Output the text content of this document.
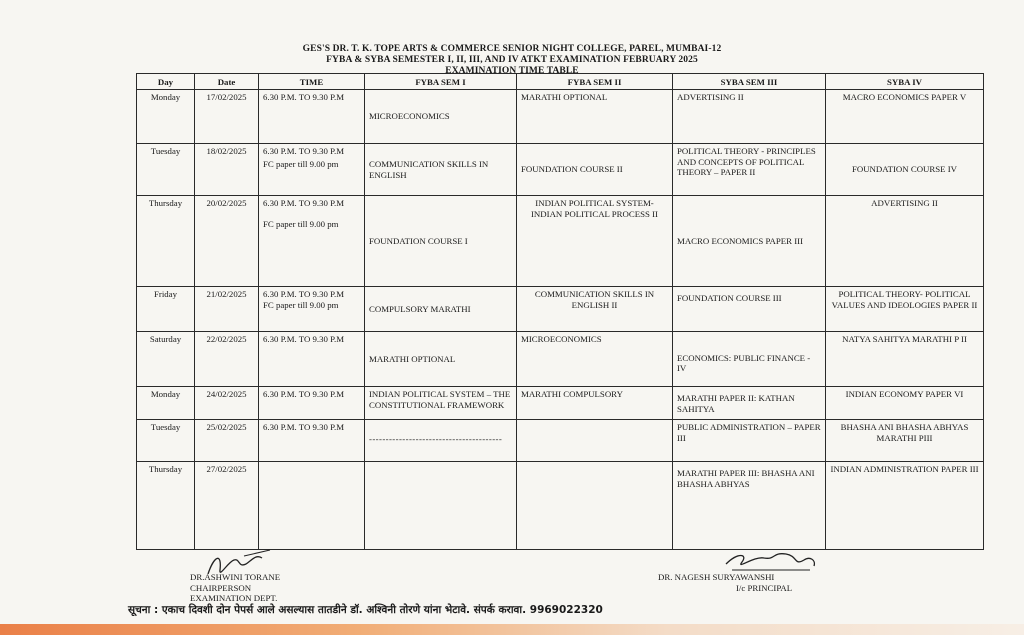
GES'S DR. T. K. TOPE ARTS & COMMERCE SENIOR NIGHT COLLEGE, PAREL, MUMBAI-12
FYBA & SYBA SEMESTER I, II, III, AND IV ATKT EXAMINATION FEBRUARY 2025
EXAMINATION TIME TABLE
Day	Date	TIME	FYBA SEM I	FYBA SEM II	SYBA SEM III	SYBA IV
Monday	17/02/2025	6.30 P.M. TO 9.30 P.M	MICROECONOMICS	MARATHI OPTIONAL	ADVERTISING II	MACRO ECONOMICS PAPER V
Tuesday	18/02/2025	6.30 P.M. TO 9.30 P.M
FC paper till 9.00 pm	COMMUNICATION SKILLS IN ENGLISH	FOUNDATION COURSE II	POLITICAL THEORY - PRINCIPLES AND CONCEPTS OF POLITICAL THEORY – PAPER II	FOUNDATION COURSE IV
Thursday	20/02/2025	6.30 P.M. TO 9.30 P.M
FC paper till 9.00 pm	FOUNDATION COURSE I	INDIAN POLITICAL SYSTEM- INDIAN POLITICAL PROCESS II	MACRO ECONOMICS PAPER III	ADVERTISING II
Friday	21/02/2025	6.30 P.M. TO 9.30 P.M
FC paper till 9.00 pm	COMPULSORY MARATHI	COMMUNICATION SKILLS IN ENGLISH II	FOUNDATION COURSE III	POLITICAL THEORY- POLITICAL VALUES AND IDEOLOGIES PAPER II
Saturday	22/02/2025	6.30 P.M. TO 9.30 P.M	MARATHI OPTIONAL	MICROECONOMICS	ECONOMICS: PUBLIC FINANCE - IV	NATYA SAHITYA MARATHI P II
Monday	24/02/2025	6.30 P.M. TO 9.30 P.M	INDIAN POLITICAL SYSTEM – THE CONSTITUTIONAL FRAMEWORK	MARATHI COMPULSORY	MARATHI PAPER II: KATHAN SAHITYA	INDIAN ECONOMY PAPER VI
Tuesday	25/02/2025	6.30 P.M. TO 9.30 P.M	----------------------------------------		PUBLIC ADMINISTRATION – PAPER III	BHASHA ANI BHASHA ABHYAS MARATHI PIII
Thursday	27/02/2025				MARATHI PAPER III: BHASHA ANI BHASHA ABHYAS	INDIAN ADMINISTRATION PAPER III
DR.ASHWINI TORANE
CHAIRPERSON
EXAMINATION DEPT.
DR. NAGESH SURYAWANSHI
I/c PRINCIPAL
सूचना : एकाच दिवशी दोन पेपर्स आले असल्यास तातडीने डॉ. अश्विनी तोरणे यांना भेटावे. संपर्क करावा. 9969022320
